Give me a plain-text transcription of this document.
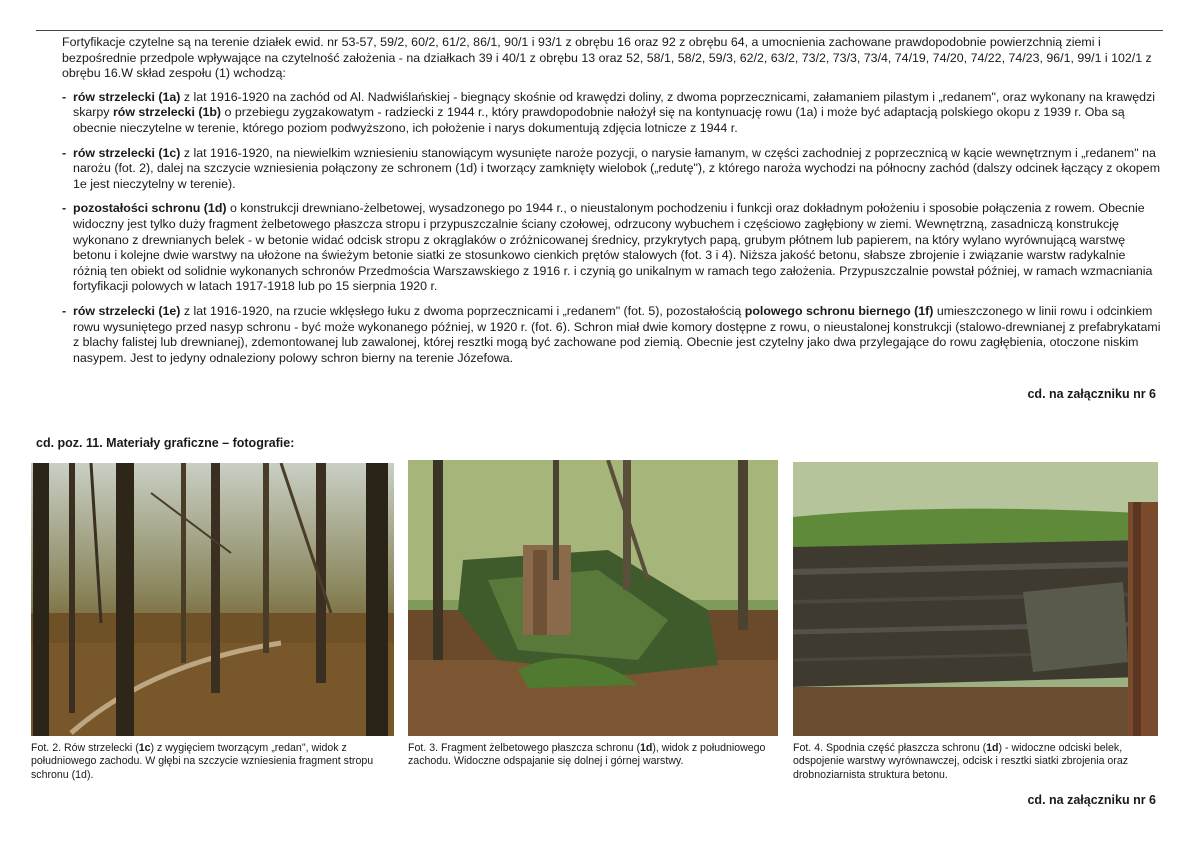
Fortyfikacje czytelne są na terenie działek ewid. nr 53-57, 59/2, 60/2, 61/2, 86/1, 90/1 i 93/1 z obrębu 16 oraz 92 z obrębu 64, a umocnienia zachowane prawdopodobnie powierzchnią ziemi i bezpośrednie przedpole wpływające na czytelność założenia - na działkach 39 i 40/1 z obrębu 13 oraz 52, 58/1, 58/2, 59/3, 62/2, 63/2, 73/2, 73/3, 73/4, 74/19, 74/20, 74/22, 74/23, 96/1, 99/1 i 102/1 z obrębu 16.W skład zespołu (1) wchodzą:

- rów strzelecki (1a) z lat 1916-1920 na zachód od Al. Nadwiślańskiej - biegnący skośnie od krawędzi doliny, z dwoma poprzecznicami, załamaniem pilastym i „redanem", oraz wykonany na krawędzi skarpy rów strzelecki (1b) o przebiegu zygzakowatym - radziecki z 1944 r., który prawdopodobnie nałożył się na kontynuację rowu (1a) i może być adaptacją polskiego okopu z 1939 r. Oba są obecnie nieczytelne w terenie, którego poziom podwyższono, ich położenie i narys dokumentują zdjęcia lotnicze z 1944 r.

- rów strzelecki (1c) z lat 1916-1920, na niewielkim wzniesieniu stanowiącym wysunięte naroże pozycji, o narysie łamanym, w części zachodniej z poprzecznicą w kącie wewnętrznym i „redanem" na narożu (fot. 2), dalej na szczycie wzniesienia połączony ze schronem (1d) i tworzący zamknięty wielobok („redutę"), z którego naroża wychodzi na północny zachód (dalszy odcinek łączący z okopem 1e jest nieczytelny w terenie).

- pozostałości schronu (1d) o konstrukcji drewniano-żelbetowej, wysadzonego po 1944 r., o nieustalonym pochodzeniu i funkcji oraz dokładnym położeniu i sposobie połączenia z rowem. Obecnie widoczny jest tylko duży fragment żelbetowego płaszcza stropu i przypuszczalnie ściany czołowej, odrzucony wybuchem i częściowo zagłębiony w ziemi. Wewnętrzną, zasadniczą konstrukcję wykonano z drewnianych belek - w betonie widać odcisk stropu z okrąglaków o zróżnicowanej średnicy, przykrytych papą, grubym płótnem lub papierem, na który wylano wyrównującą warstwę betonu i kolejne dwie warstwy na ułożone na świeżym betonie siatki ze stosunkowo cienkich prętów stalowych (fot. 3 i 4). Niższa jakość betonu, słabsze zbrojenie i związanie warstw radykalnie różnią ten obiekt od solidnie wykonanych schronów Przedmościa Warszawskiego z 1916 r. i czynią go unikalnym w ramach tego założenia. Przypuszczalnie powstał później, w ramach wzmacniania fortyfikacji polowych w latach 1917-1918 lub po 15 sierpnia 1920 r.

- rów strzelecki (1e) z lat 1916-1920, na rzucie wklęsłego łuku z dwoma poprzecznicami i „redanem" (fot. 5), pozostałością polowego schronu biernego (1f) umieszczonego w linii rowu i odcinkiem rowu wysuniętego przed nasyp schronu - być może wykonanego później, w 1920 r. (fot. 6). Schron miał dwie komory dostępne z rowu, o nieustalonej konstrukcji (stalowo-drewnianej z prefabrykatami z blachy falistej lub drewnianej), zdemontowanej lub zawalonej, której resztki mogą być zachowane pod ziemią. Obecnie jest czytelny jako dwa przylegające do rowu zagłębienia, otoczone niskim nasypem. Jest to jedyny odnaleziony polowy schron bierny na terenie Józefowa.

cd. na załączniku nr 6
cd. poz. 11. Materiały graficzne – fotografie:
Fot. 2. Rów strzelecki (1c) z wygięciem tworzącym „redan", widok z południowego zachodu. W głębi na szczycie wzniesienia fragment stropu schronu (1d).
Fot. 3. Fragment żelbetowego płaszcza schronu (1d), widok z południowego zachodu. Widoczne odspajanie się dolnej i górnej warstwy.
Fot. 4. Spodnia część płaszcza schronu (1d) - widoczne odciski belek, odspojenie warstwy wyrównawczej, odcisk i resztki siatki zbrojenia oraz drobnoziarnista struktura betonu.
cd. na załączniku nr 6
